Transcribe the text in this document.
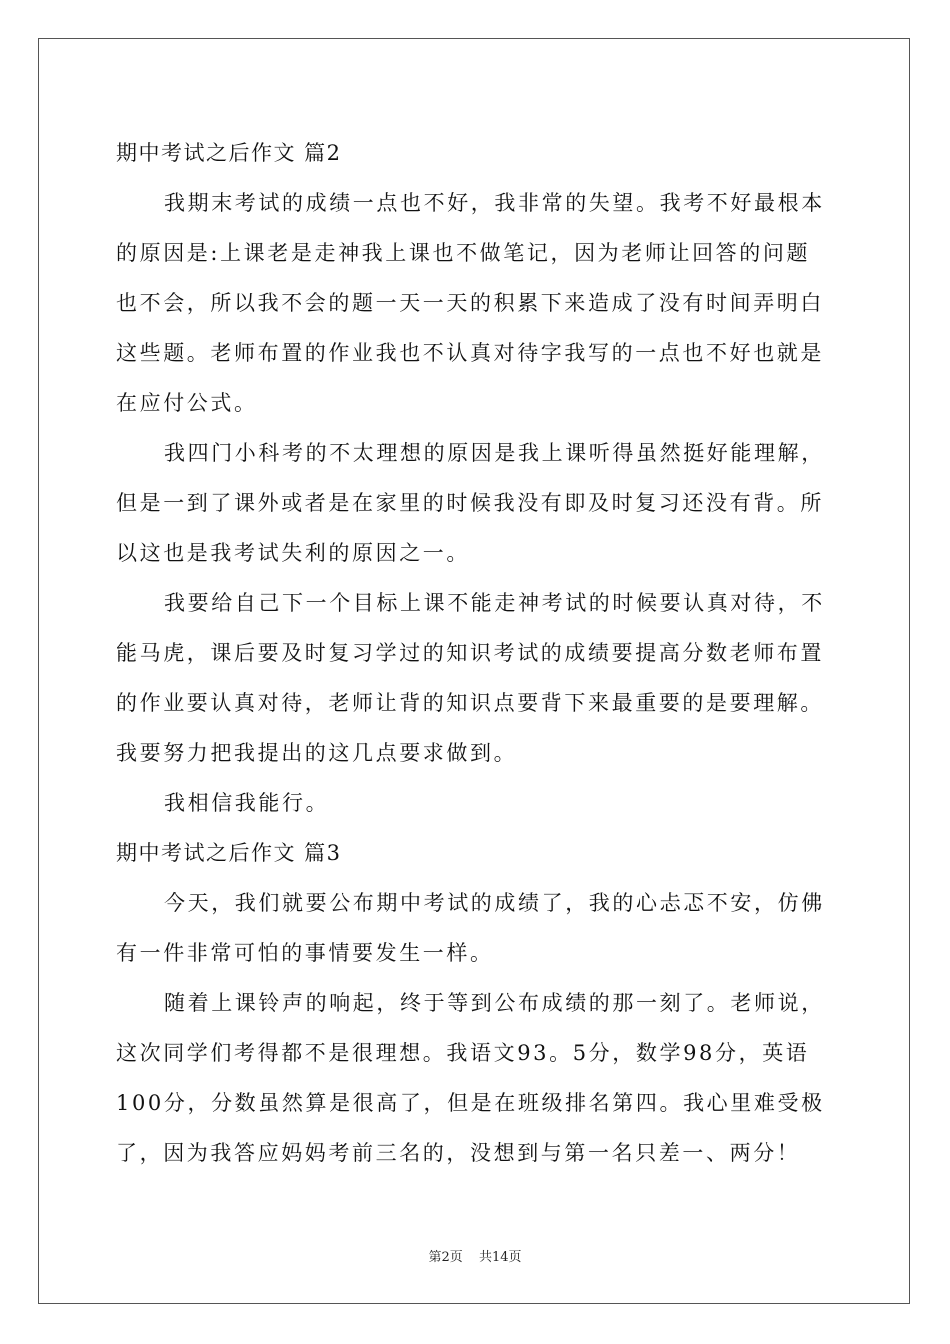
期中考试之后作文 篇2
我期末考试的成绩一点也不好，我非常的失望。我考不好最根本
的原因是:上课老是走神我上课也不做笔记，因为老师让回答的问题
也不会，所以我不会的题一天一天的积累下来造成了没有时间弄明白
这些题。老师布置的作业我也不认真对待字我写的一点也不好也就是
在应付公式。
我四门小科考的不太理想的原因是我上课听得虽然挺好能理解，
但是一到了课外或者是在家里的时候我没有即及时复习还没有背。所
以这也是我考试失利的原因之一。
我要给自己下一个目标上课不能走神考试的时候要认真对待，不
能马虎，课后要及时复习学过的知识考试的成绩要提高分数老师布置
的作业要认真对待，老师让背的知识点要背下来最重要的是要理解。
我要努力把我提出的这几点要求做到。
我相信我能行。
期中考试之后作文 篇3
今天，我们就要公布期中考试的成绩了，我的心忐忑不安，仿佛
有一件非常可怕的事情要发生一样。
随着上课铃声的响起，终于等到公布成绩的那一刻了。老师说，
这次同学们考得都不是很理想。我语文93。5分，数学98分，英语
100分，分数虽然算是很高了，但是在班级排名第四。我心里难受极
了，因为我答应妈妈考前三名的，没想到与第一名只差一、两分！
第2页 共14页
